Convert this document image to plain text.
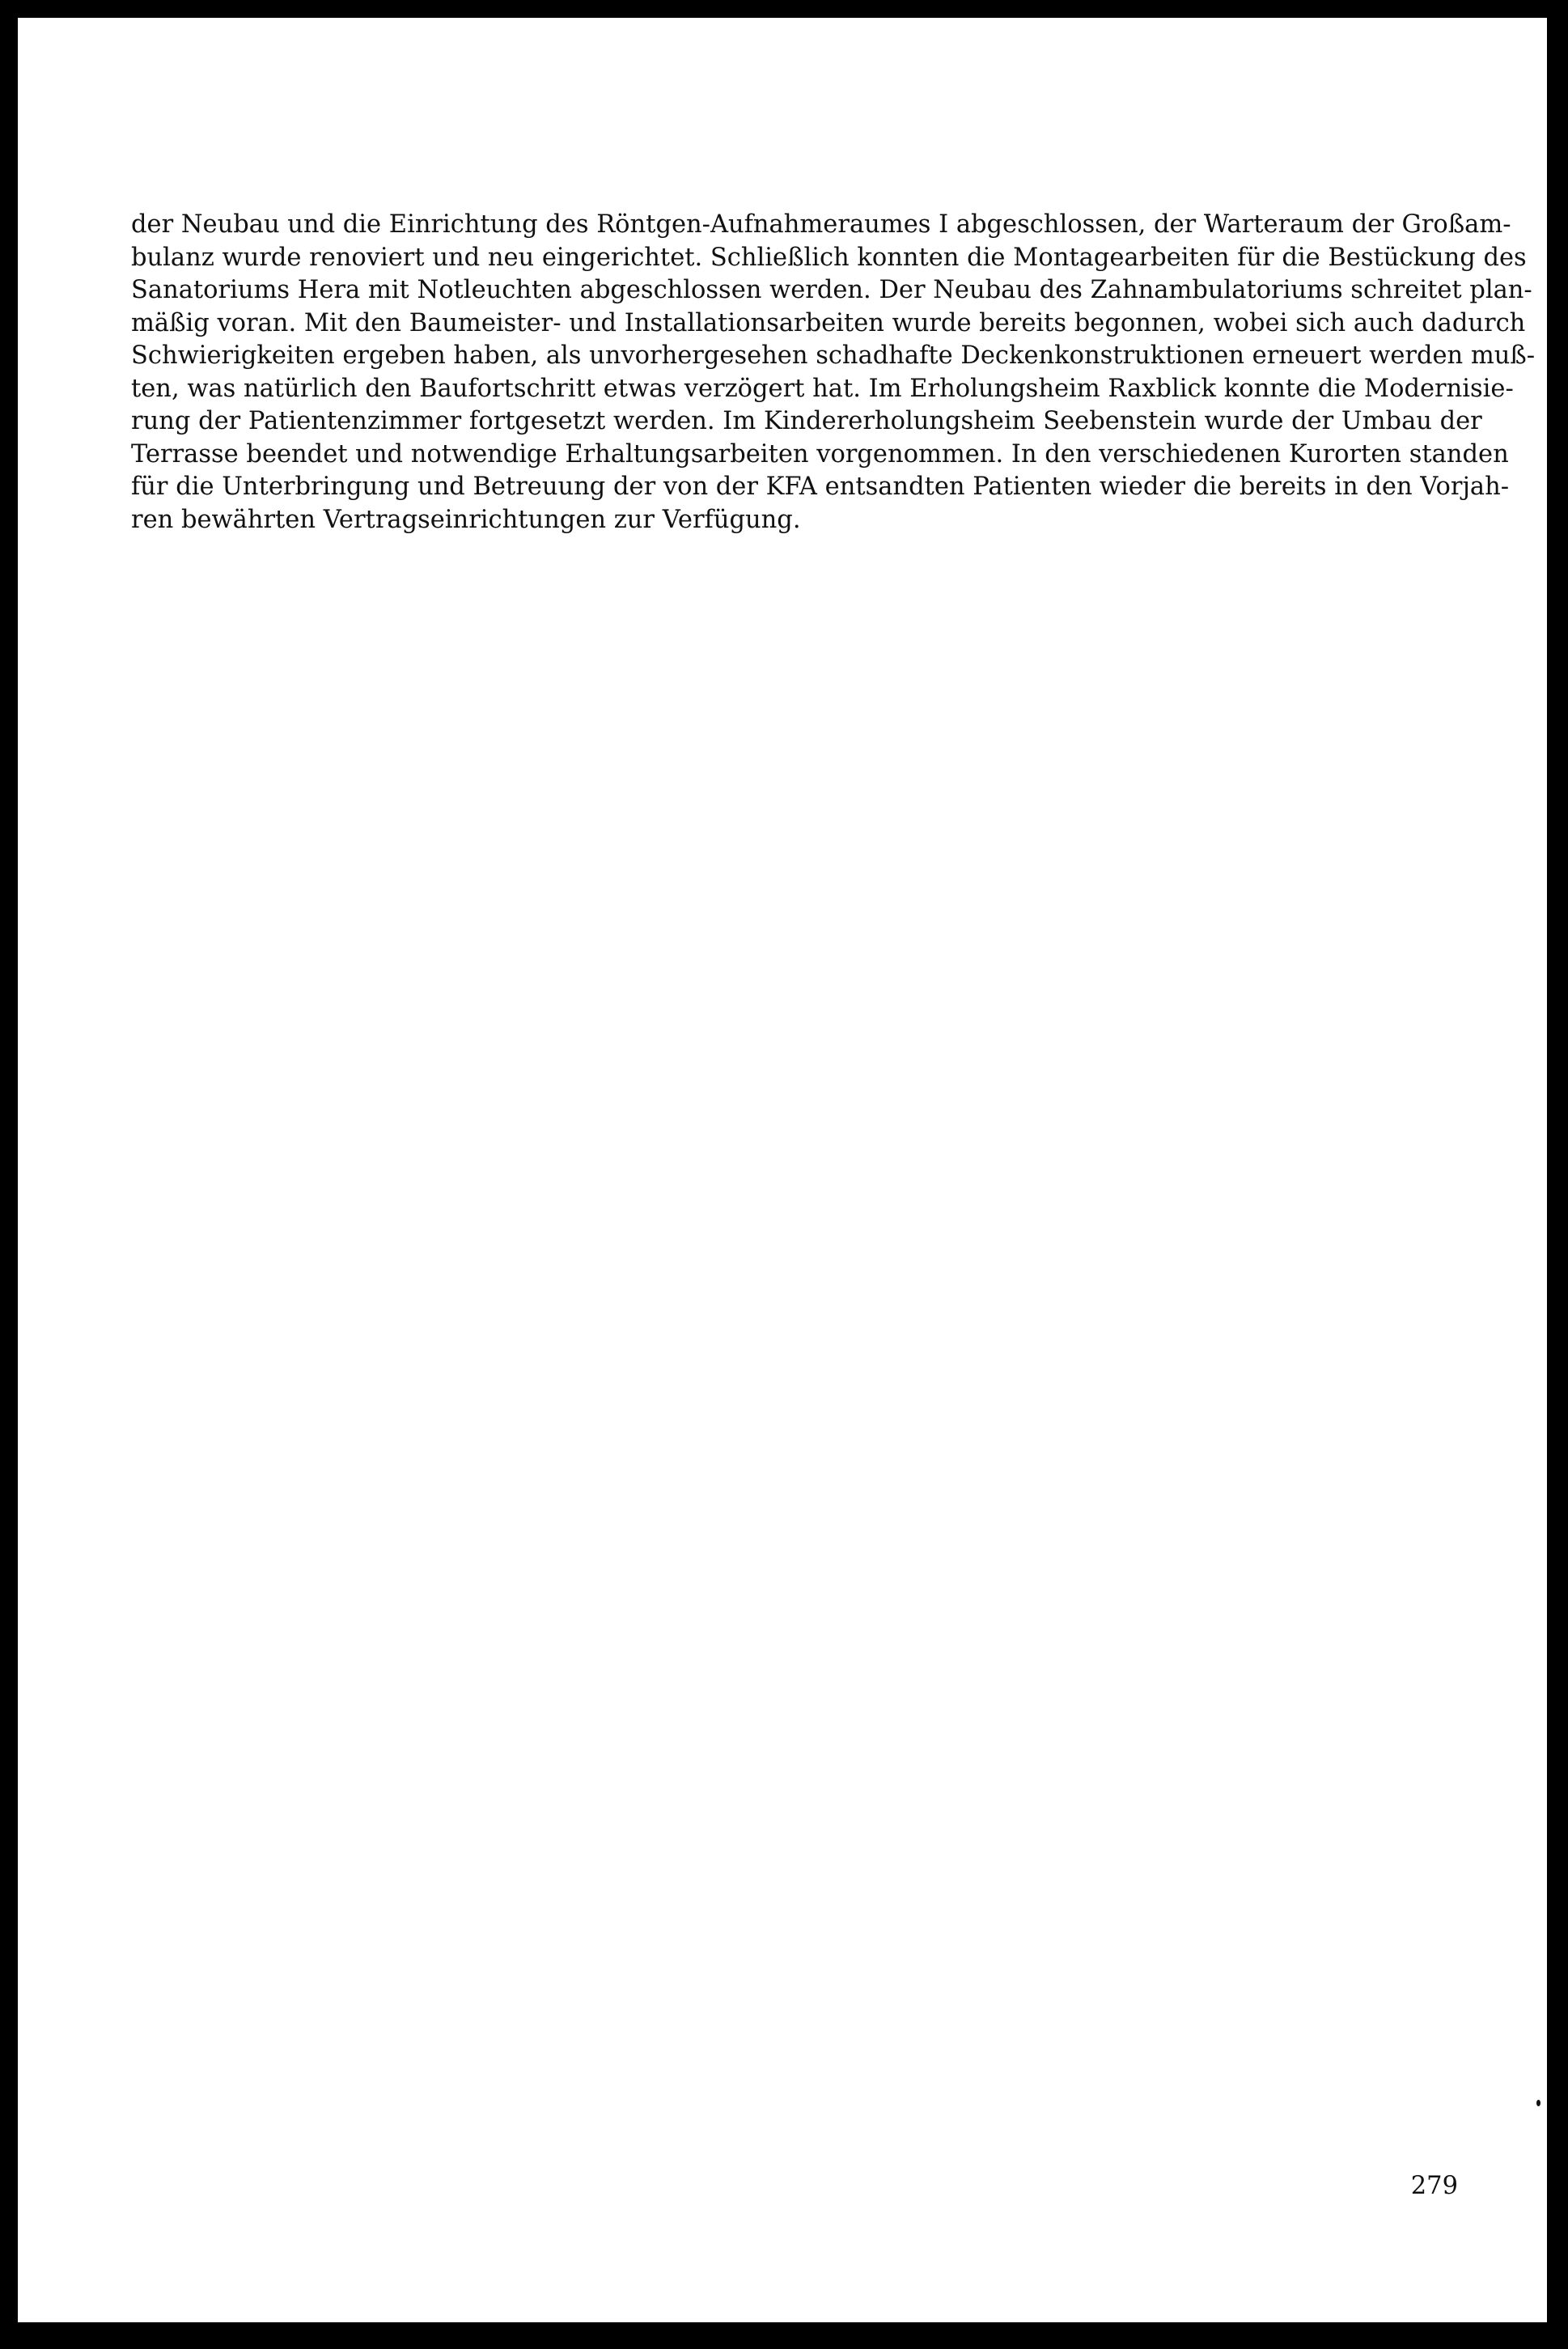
der Neubau und die Einrichtung des Röntgen-Aufnahmeraumes I abgeschlossen, der Warteraum der Großam-
bulanz wurde renoviert und neu eingerichtet. Schließlich konnten die Montagearbeiten für die Bestückung des
Sanatoriums Hera mit Notleuchten abgeschlossen werden. Der Neubau des Zahnambulatoriums schreitet plan-
mäßig voran. Mit den Baumeister- und Installationsarbeiten wurde bereits begonnen, wobei sich auch dadurch
Schwierigkeiten ergeben haben, als unvorhergesehen schadhafte Deckenkonstruktionen erneuert werden muß-
ten, was natürlich den Baufortschritt etwas verzögert hat. Im Erholungsheim Raxblick konnte die Modernisie-
rung der Patientenzimmer fortgesetzt werden. Im Kindererholungsheim Seebenstein wurde der Umbau der
Terrasse beendet und notwendige Erhaltungsarbeiten vorgenommen. In den verschiedenen Kurorten standen
für die Unterbringung und Betreuung der von der KFA entsandten Patienten wieder die bereits in den Vorjah-
ren bewährten Vertragseinrichtungen zur Verfügung.

279
